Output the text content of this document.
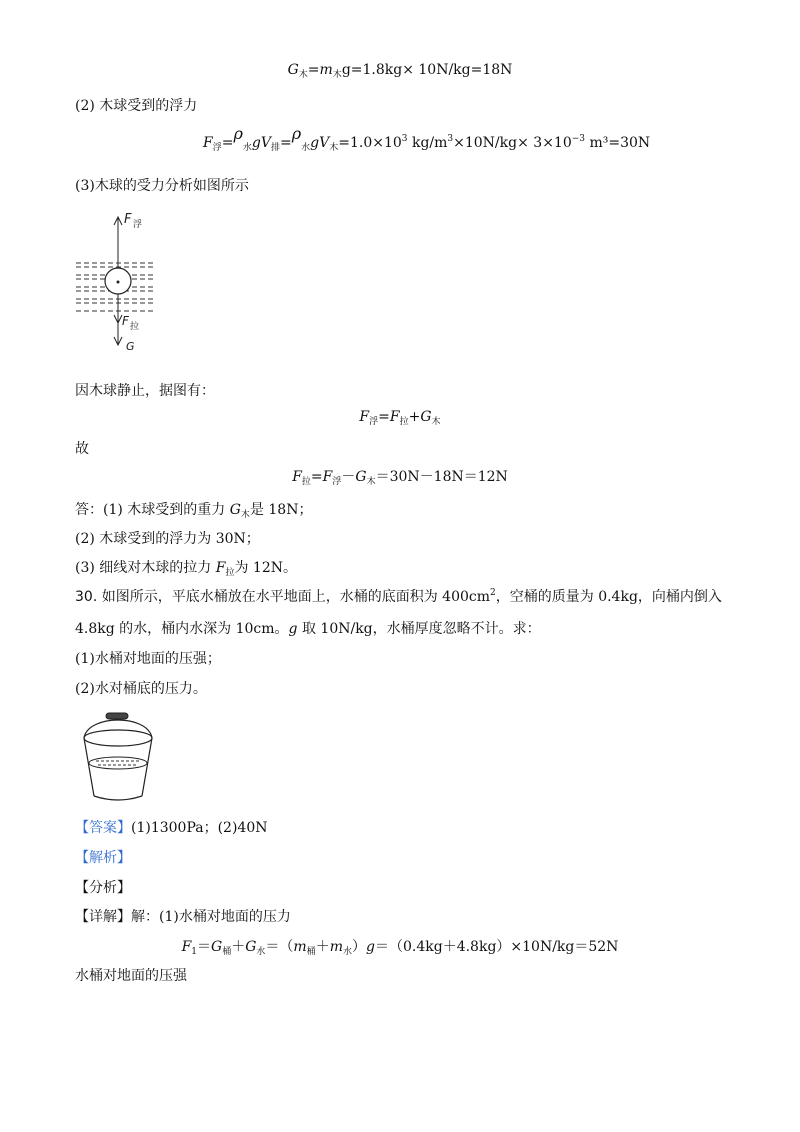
$G_木=m_木g=1.8kg\times 10N/kg=18N$
(2) 木球受到的浮力
$F_浮=\rho_水gV_排=\rho_水gV_木=1.0\times 10^3$ $kg/m^3\times 10N/kg\times 3\times 10^{-3}$ m³=30N
(3)木球的受力分析如图所示
F 浮
F 拉
G
因木球静止，据图有：
$F_浮=F_拉+G_木$
故
$F_拉=F_浮-G_木=30N-18N=12N$
答：(1) 木球受到的重力 $G_木$是 18N；
(2) 木球受到的浮力为 30N；
(3) 细线对木球的拉力 $F_拉$为 12N。
30. 如图所示，平底水桶放在水平地面上，水桶的底面积为 $400cm^2$，空桶的质量为 0.4kg，向桶内倒入
4.8kg 的水，桶内水深为 10cm。g 取 10N/kg，水桶厚度忽略不计。求：
(1)水桶对地面的压强；
(2)水对桶底的压力。
【答案】(1)1300Pa；(2)40N
【解析】
【分析】
【详解】解：(1)水桶对地面的压力
$F_1=G_桶+G_水=(m_桶+m_水)g=(0.4kg+4.8kg)\times 10N/kg=52N$
水桶对地面的压强
